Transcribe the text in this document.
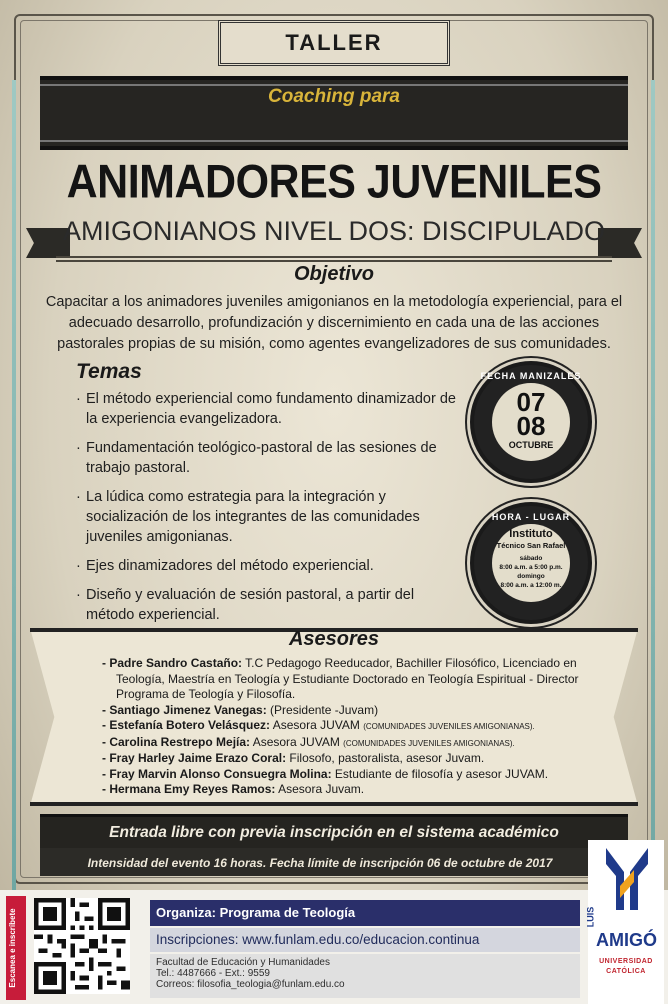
TALLER
Coaching para
ANIMADORES JUVENILES
AMIGONIANOS NIVEL DOS: DISCIPULADO
Objetivo
Capacitar a los animadores juveniles amigonianos en la metodología experiencial, para el adecuado desarrollo, profundización y discernimiento en cada una de las acciones pastorales propias de su misión, como agentes evangelizadores de sus comunidades.
Temas
· El método experiencial como fundamento dinamizador de la experiencia evangelizadora.
· Fundamentación teológico-pastoral de las sesiones de trabajo pastoral.
· La lúdica como estrategia para la integración y socialización de los integrantes de las comunidades juveniles amigonianas.
· Ejes dinamizadores del método experiencial.
· Diseño y evaluación de sesión pastoral, a partir del método experiencial.
FECHA MANIZALES
07
08
OCTUBRE
HORA - LUGAR
Instituto
Técnico San Rafael
sábado
8:00 a.m. a 5:00 p.m.
domingo
8:00 a.m. a 12:00 m.
Asesores
- Padre Sandro Castaño: T.C Pedagogo Reeducador, Bachiller Filosófico, Licenciado en Teología, Maestría en Teología y Estudiante Doctorado en Teología Espiritual - Director Programa de Teología y Filosofía.
- Santiago Jimenez Vanegas: (Presidente -Juvam)
- Estefanía Botero Velásquez: Asesora JUVAM (COMUNIDADES JUVENILES AMIGONIANAS).
- Carolina Restrepo Mejía: Asesora JUVAM (COMUNIDADES JUVENILES AMIGONIANAS).
- Fray Harley Jaime Erazo Coral: Filosofo, pastoralista, asesor Juvam.
- Fray Marvin Alonso Consuegra Molina: Estudiante de filosofía y asesor JUVAM.
- Hermana Emy Reyes Ramos: Asesora Juvam.
Entrada libre con previa inscripción en el sistema académico
Intensidad del evento 16 horas. Fecha límite de inscripción 06 de octubre de 2017
Escanea e inscríbete	Organiza: Programa de Teología
Inscripciones: www.funlam.edu.co/educacion.continua
Facultad de Educación y Humanidades
Tel.: 4487666 - Ext.: 9559
Correos: filosofia_teologia@funlam.edu.co
LUIS
AMIGÓ
UNIVERSIDAD
CATÓLICA
